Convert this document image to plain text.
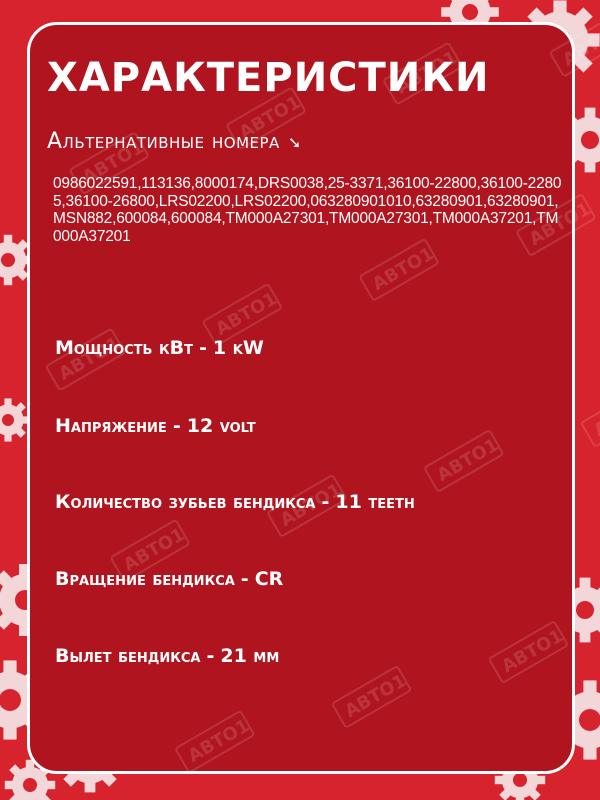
АВТО1
ХАРАКТЕРИСТИКИ
Альтернативные номера ➘
0986022591,113136,8000174,DRS0038,25-3371,36100-22800,36100-22805,36100-26800,LRS02200,LRS02200,063280901010,63280901,63280901,MSN882,600084,600084,TM000A27301,TM000A27301,TM000A37201,TM000A37201
Мощность кВт - 1 kW
Напряжение - 12 volt
Количество зубьев бендикса - 11 teeth
Вращение бендикса - CR
Вылет бендикса - 21 мм
